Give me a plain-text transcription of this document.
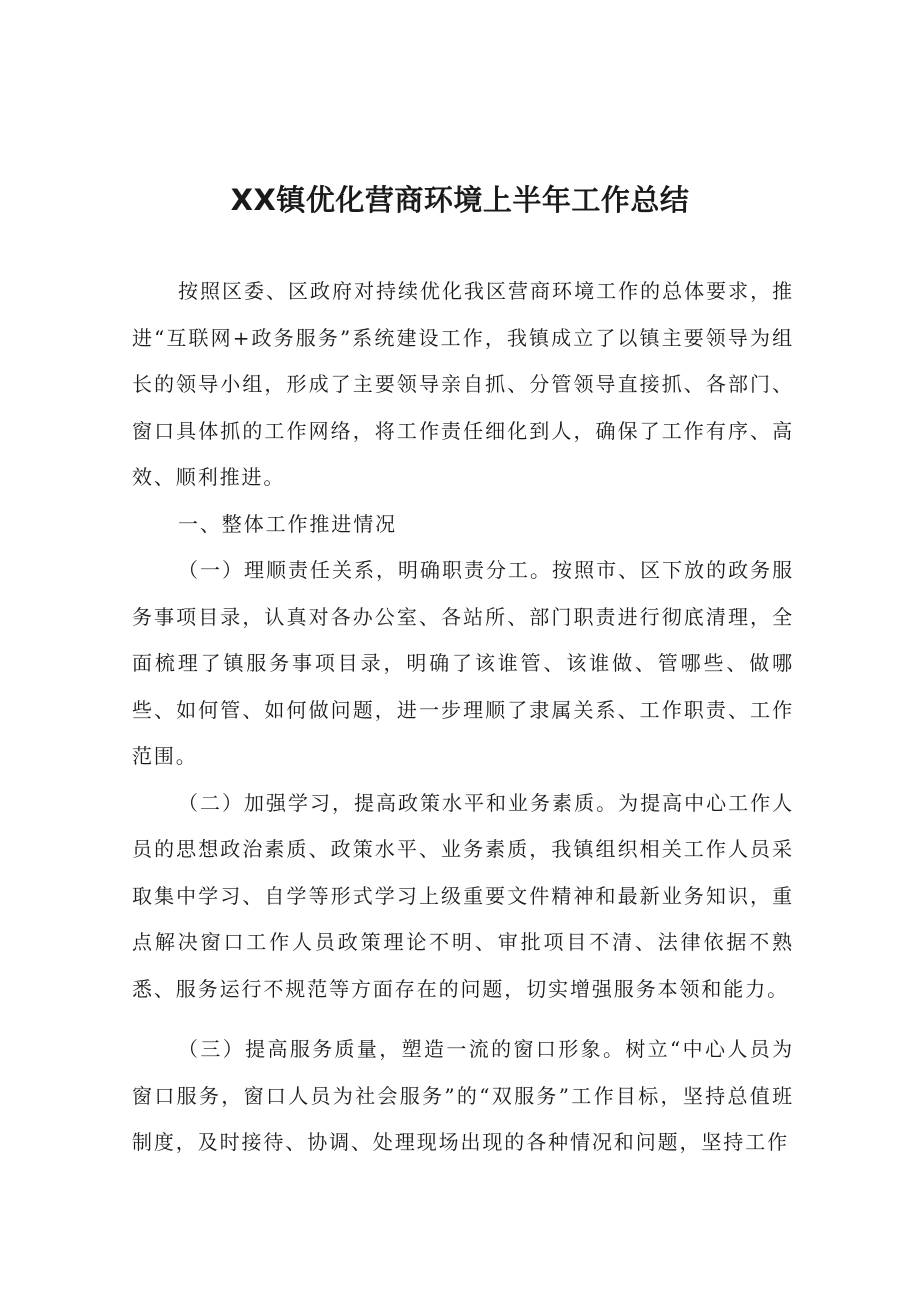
XX镇优化营商环境上半年工作总结

按照区委、区政府对持续优化我区营商环境工作的总体要求，推进“互联网+政务服务”系统建设工作，我镇成立了以镇主要领导为组长的领导小组，形成了主要领导亲自抓、分管领导直接抓、各部门、窗口具体抓的工作网络，将工作责任细化到人，确保了工作有序、高效、顺利推进。

一、整体工作推进情况

（一）理顺责任关系，明确职责分工。按照市、区下放的政务服务事项目录，认真对各办公室、各站所、部门职责进行彻底清理，全面梳理了镇服务事项目录，明确了该谁管、该谁做、管哪些、做哪些、如何管、如何做问题，进一步理顺了隶属关系、工作职责、工作范围。

（二）加强学习，提高政策水平和业务素质。为提高中心工作人员的思想政治素质、政策水平、业务素质，我镇组织相关工作人员采取集中学习、自学等形式学习上级重要文件精神和最新业务知识，重点解决窗口工作人员政策理论不明、审批项目不清、法律依据不熟悉、服务运行不规范等方面存在的问题，切实增强服务本领和能力。

（三）提高服务质量，塑造一流的窗口形象。树立“中心人员为窗口服务，窗口人员为社会服务”的“双服务”工作目标，坚持总值班制度，及时接待、协调、处理现场出现的各种情况和问题，坚持工作
